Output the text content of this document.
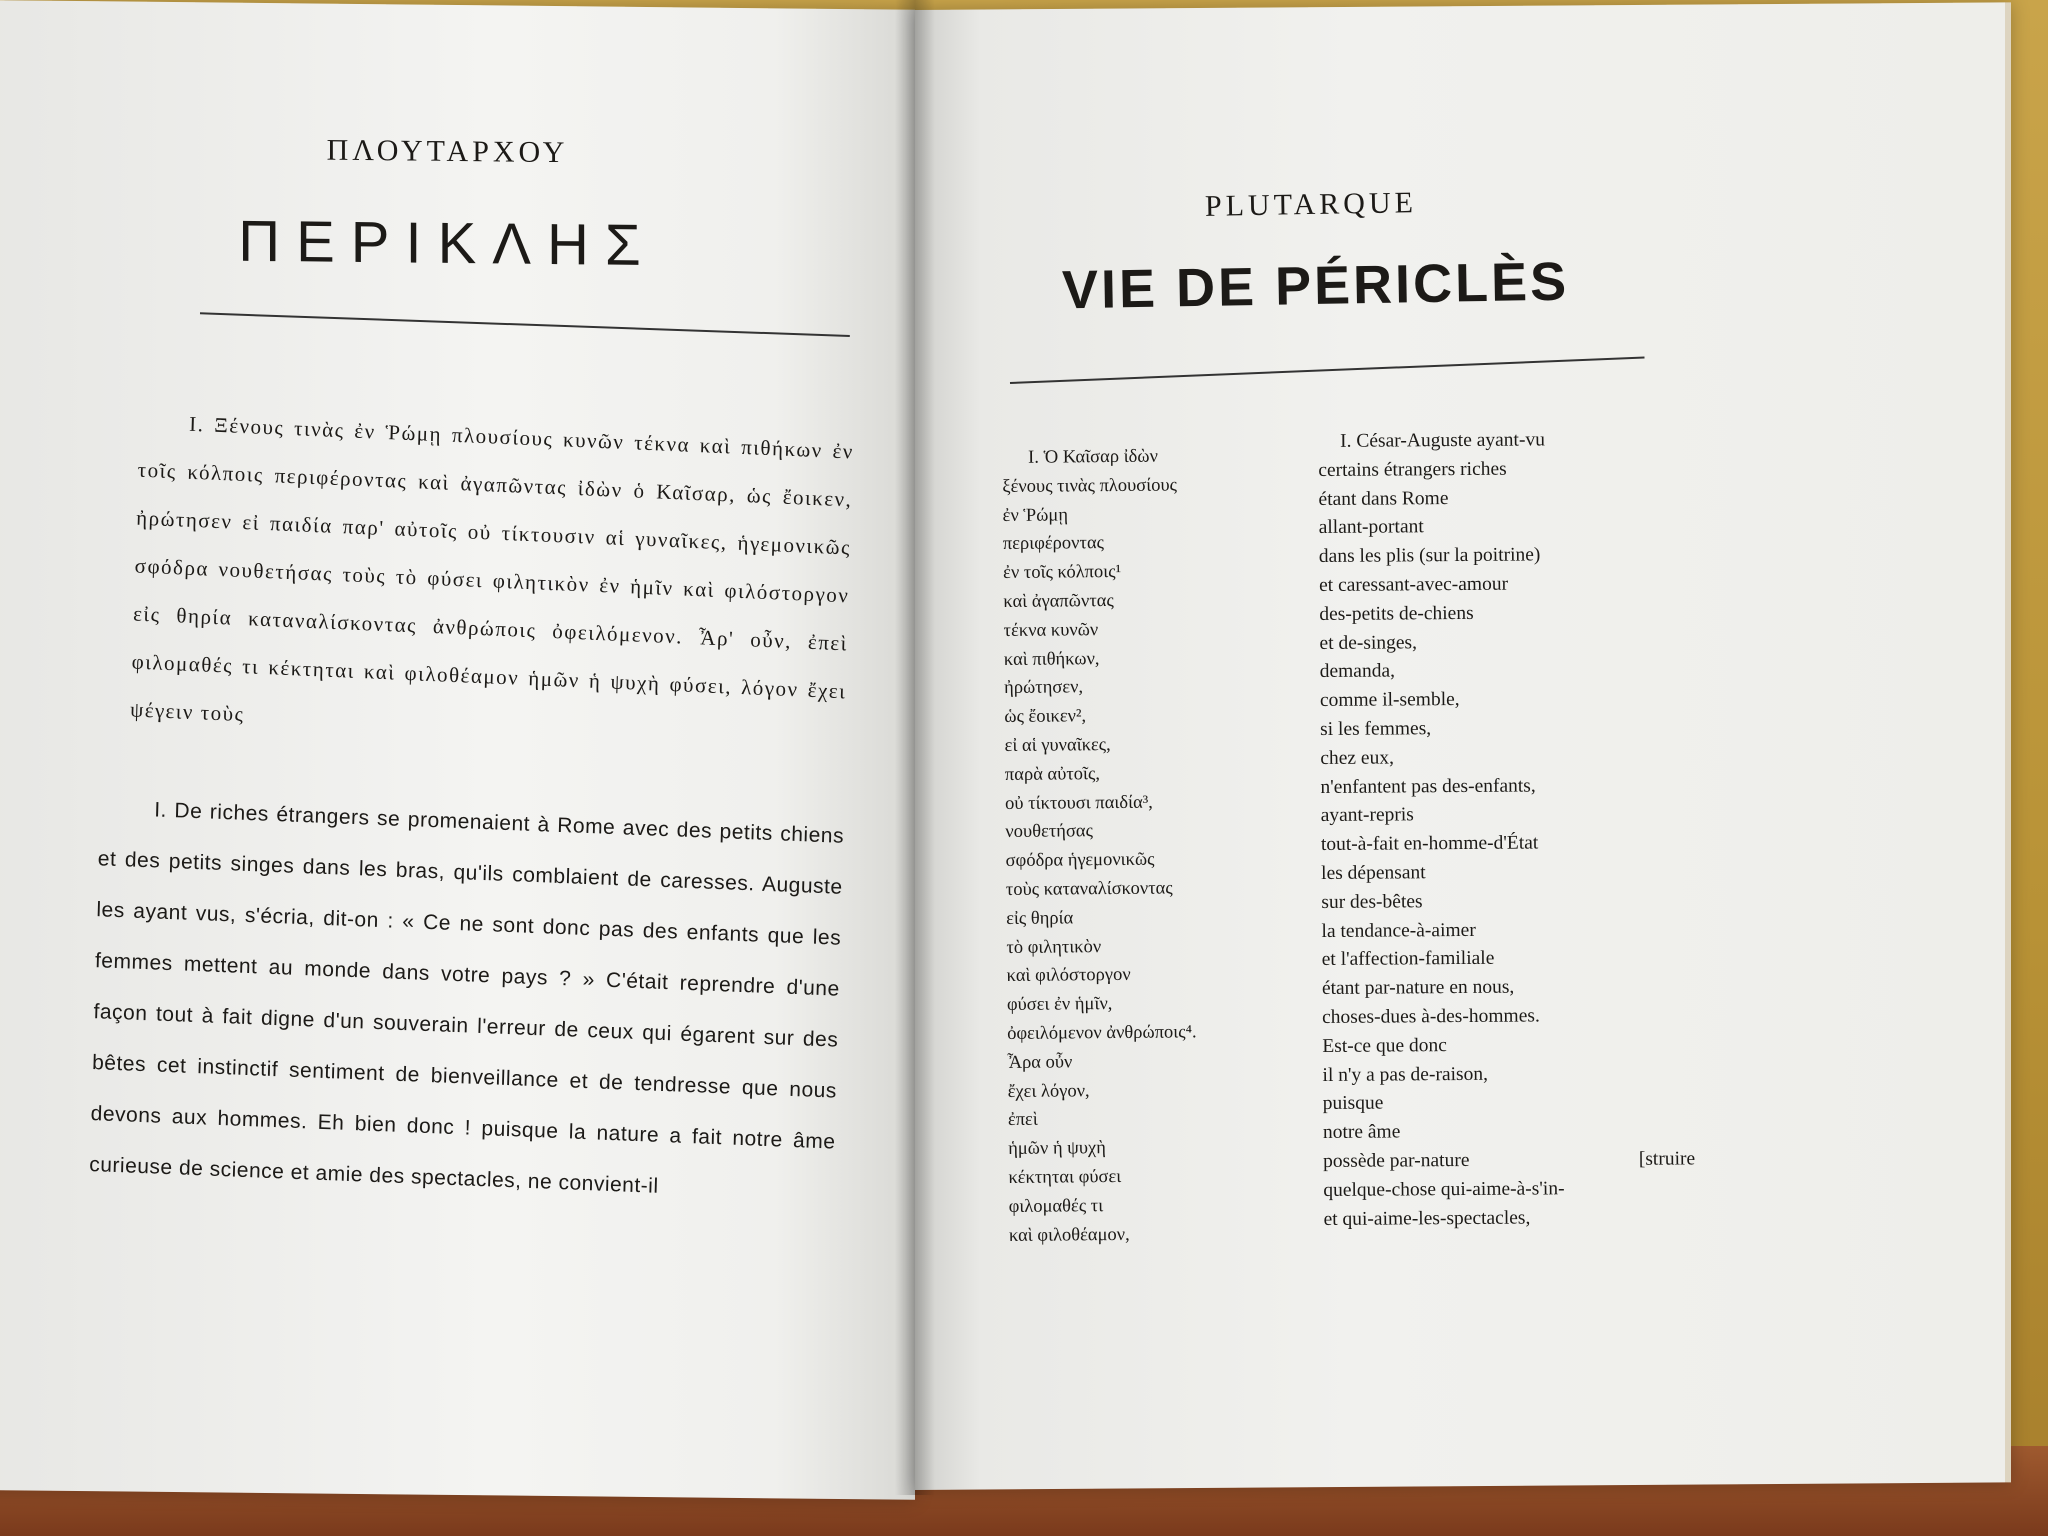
ΠΛΟΥΤΑΡΧΟΥ
ΠΕΡΙΚΛΗΣ

I. Ξένους τινὰς ἐν Ῥώμῃ πλουσίους κυνῶν τέκνα καὶ πιθήκων ἐν τοῖς κόλποις περιφέροντας καὶ ἀγαπῶντας ἰδὼν ὁ Καῖσαρ, ὡς ἔοικεν, ἠρώτησεν εἰ παιδία παρ' αὐτοῖς οὐ τίκτουσιν αἱ γυναῖκες, ἡγεμονικῶς σφόδρα νουθετήσας τοὺς τὸ φύσει φιλητικὸν ἐν ἡμῖν καὶ φιλόστοργον εἰς θηρία καταναλίσκοντας ἀνθρώποις ὀφειλόμενον. Ἆρ' οὖν, ἐπεὶ φιλομαθές τι κέκτηται καὶ φιλοθέαμον ἡμῶν ἡ ψυχὴ φύσει, λόγον ἔχει ψέγειν τοὺς

I. De riches étrangers se promenaient à Rome avec des petits chiens et des petits singes dans les bras, qu'ils comblaient de caresses. Auguste les ayant vus, s'écria, dit-on : « Ce ne sont donc pas des enfants que les femmes mettent au monde dans votre pays ? » C'était reprendre d'une façon tout à fait digne d'un souverain l'erreur de ceux qui égarent sur des bêtes cet instinctif sentiment de bienveillance et de tendresse que nous devons aux hommes. Eh bien donc ! puisque la nature a fait notre âme curieuse de science et amie des spectacles, ne convient-il

PLUTARQUE
VIE DE PÉRICLÈS
I. Ὁ Καῖσαρ ἰδὼν
ξένους τινὰς πλουσίους
ἐν Ῥώμῃ
περιφέροντας
ἐν τοῖς κόλποις¹
καὶ ἀγαπῶντας
τέκνα κυνῶν
καὶ πιθήκων,
ἠρώτησεν,
ὡς ἔοικεν²,
εἰ αἱ γυναῖκες,
παρὰ αὐτοῖς,
οὐ τίκτουσι παιδία³,
νουθετήσας
σφόδρα ἡγεμονικῶς
τοὺς καταναλίσκοντας
εἰς θηρία
τὸ φιλητικὸν
καὶ φιλόστοργον
φύσει ἐν ἡμῖν,
ὀφειλόμενον ἀνθρώποις⁴.
Ἆρα οὖν
ἔχει λόγον,
ἐπεὶ
ἡμῶν ἡ ψυχὴ
κέκτηται φύσει
φιλομαθές τι
καὶ φιλοθέαμον,
I. César-Auguste ayant-vu
certains étrangers riches
étant dans Rome
allant-portant
dans les plis (sur la poitrine)
et caressant-avec-amour
des-petits de-chiens
et de-singes,
demanda,
comme il-semble,
si les femmes,
chez eux,
n'enfantent pas des-enfants,
ayant-repris
tout-à-fait en-homme-d'État
les dépensant
sur des-bêtes
la tendance-à-aimer
et l'affection-familiale
étant par-nature en nous,
choses-dues à-des-hommes.
Est-ce que donc
il n'y a pas de-raison,
puisque
notre âme
possède par-nature	[struire
quelque-chose qui-aime-à-s'in-
et qui-aime-les-spectacles,
